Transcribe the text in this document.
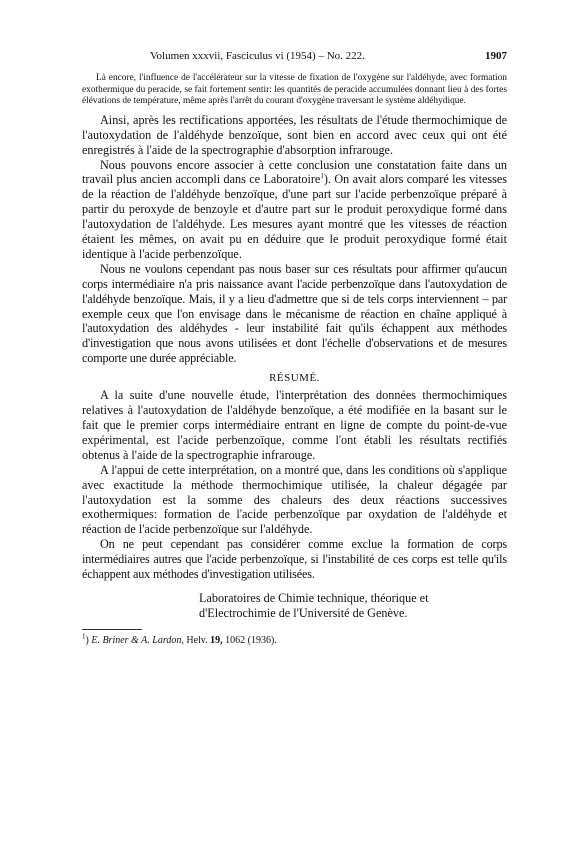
Volumen xxxvii, Fasciculus vi (1954) – No. 222.	1907
Là encore, l'influence de l'accélérateur sur la vitesse de fixation de l'oxygène sur l'aldéhyde, avec formation exothermique du peracide, se fait fortement sentir: les quantités de peracide accumulées donnant lieu à des fortes élévations de température, même après l'arrêt du courant d'oxygène traversant le système aldéhydique.

Ainsi, après les rectifications apportées, les résultats de l'étude thermochimique de l'autoxydation de l'aldéhyde benzoïque, sont bien en accord avec ceux qui ont été enregistrés à l'aide de la spectrographie d'absorption infrarouge.

Nous pouvons encore associer à cette conclusion une constatation faite dans un travail plus ancien accompli dans ce Laboratoire$^1$). On avait alors comparé les vitesses de la réaction de l'aldéhyde benzoïque, d'une part sur l'acide perbenzoïque préparé à partir du peroxyde de benzoyle et d'autre part sur le produit peroxydique formé dans l'autoxydation de l'aldéhyde. Les mesures ayant montré que les vitesses de réaction étaient les mêmes, on avait pu en déduire que le produit peroxydique formé était identique à l'acide perbenzoïque.

Nous ne voulons cependant pas nous baser sur ces résultats pour affirmer qu'aucun corps intermédiaire n'a pris naissance avant l'acide perbenzoïque dans l'autoxydation de l'aldéhyde benzoïque. Mais, il y a lieu d'admettre que si de tels corps interviennent – par exemple ceux que l'on envisage dans le mécanisme de réaction en chaîne appliqué à l'autoxydation des aldéhydes - leur instabilité fait qu'ils échappent aux méthodes d'investigation que nous avons utilisées et dont l'échelle d'observations et de mesures comporte une durée appréciable.

RÉSUMÉ.

A la suite d'une nouvelle étude, l'interprétation des données thermochimiques relatives à l'autoxydation de l'aldéhyde benzoïque, a été modifiée en la basant sur le fait que le premier corps intermédiaire entrant en ligne de compte du point-de-vue expérimental, est l'acide perbenzoïque, comme l'ont établi les résultats rectifiés obtenus à l'aide de la spectrographie infrarouge.

A l'appui de cette interprétation, on a montré que, dans les conditions où s'applique avec exactitude la méthode thermochimique utilisée, la chaleur dégagée par l'autoxydation est la somme des chaleurs des deux réactions successives exothermiques: formation de l'acide perbenzoïque par oxydation de l'aldéhyde et réaction de l'acide perbenzoïque sur l'aldéhyde.

On ne peut cependant pas considérer comme exclue la formation de corps intermédiaires autres que l'acide perbenzoïque, si l'instabilité de ces corps est telle qu'ils échappent aux méthodes d'investigation utilisées.

Laboratoires de Chimie technique, théorique et
d'Electrochimie de l'Université de Genève.
$^1$) E. Briner & A. Lardon, Helv. 19, 1062 (1936).
